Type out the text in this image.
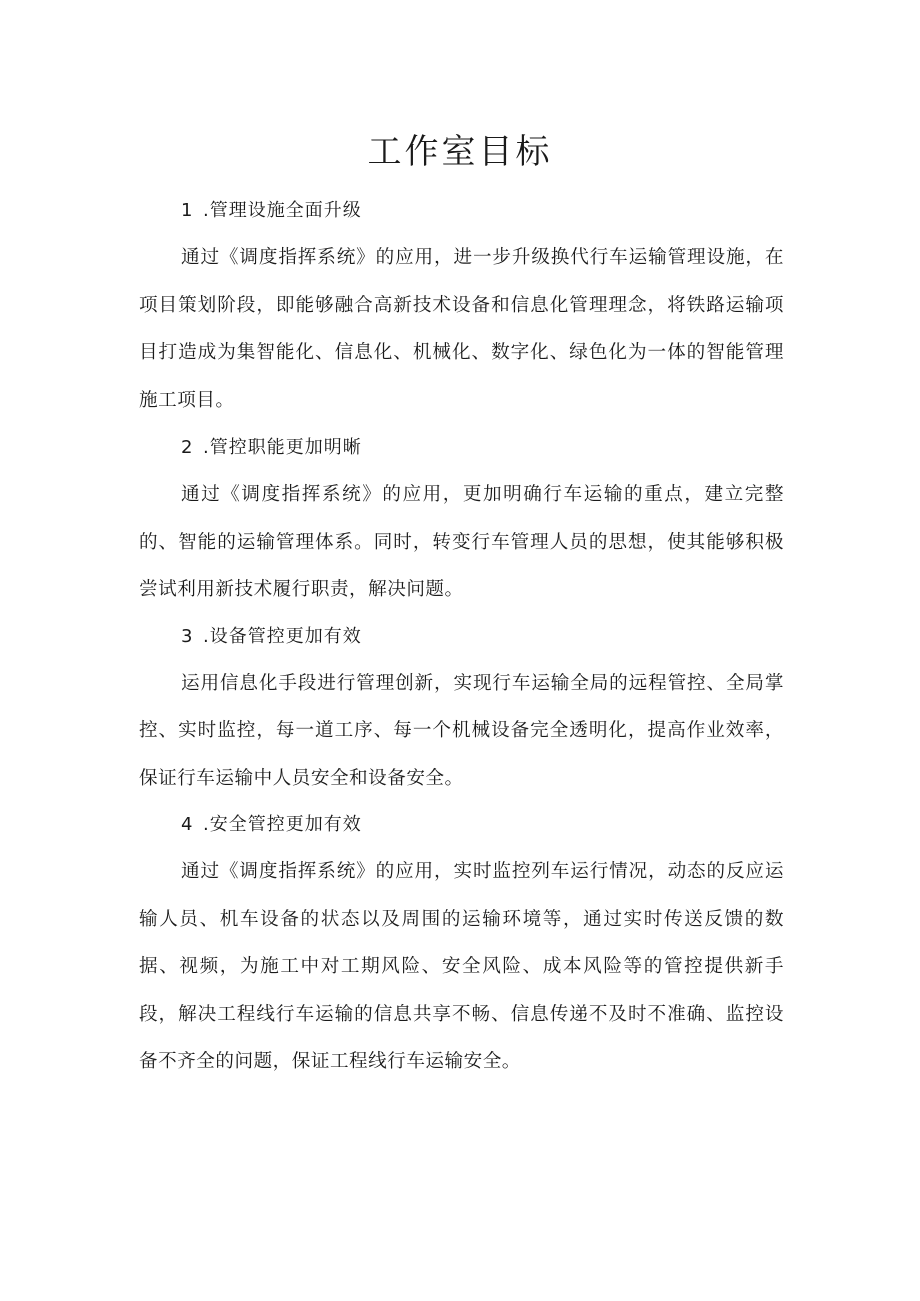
工作室目标

1 .管理设施全面升级

通过《调度指挥系统》的应用，进一步升级换代行车运输管理设施，在项目策划阶段，即能够融合高新技术设备和信息化管理理念，将铁路运输项目打造成为集智能化、信息化、机械化、数字化、绿色化为一体的智能管理施工项目。

2 .管控职能更加明晰

通过《调度指挥系统》的应用，更加明确行车运输的重点，建立完整的、智能的运输管理体系。同时，转变行车管理人员的思想，使其能够积极尝试利用新技术履行职责，解决问题。

3 .设备管控更加有效

运用信息化手段进行管理创新，实现行车运输全局的远程管控、全局掌控、实时监控，每一道工序、每一个机械设备完全透明化，提高作业效率，保证行车运输中人员安全和设备安全。

4 .安全管控更加有效

通过《调度指挥系统》的应用，实时监控列车运行情况，动态的反应运输人员、机车设备的状态以及周围的运输环境等，通过实时传送反馈的数据、视频，为施工中对工期风险、安全风险、成本风险等的管控提供新手段，解决工程线行车运输的信息共享不畅、信息传递不及时不准确、监控设备不齐全的问题，保证工程线行车运输安全。
